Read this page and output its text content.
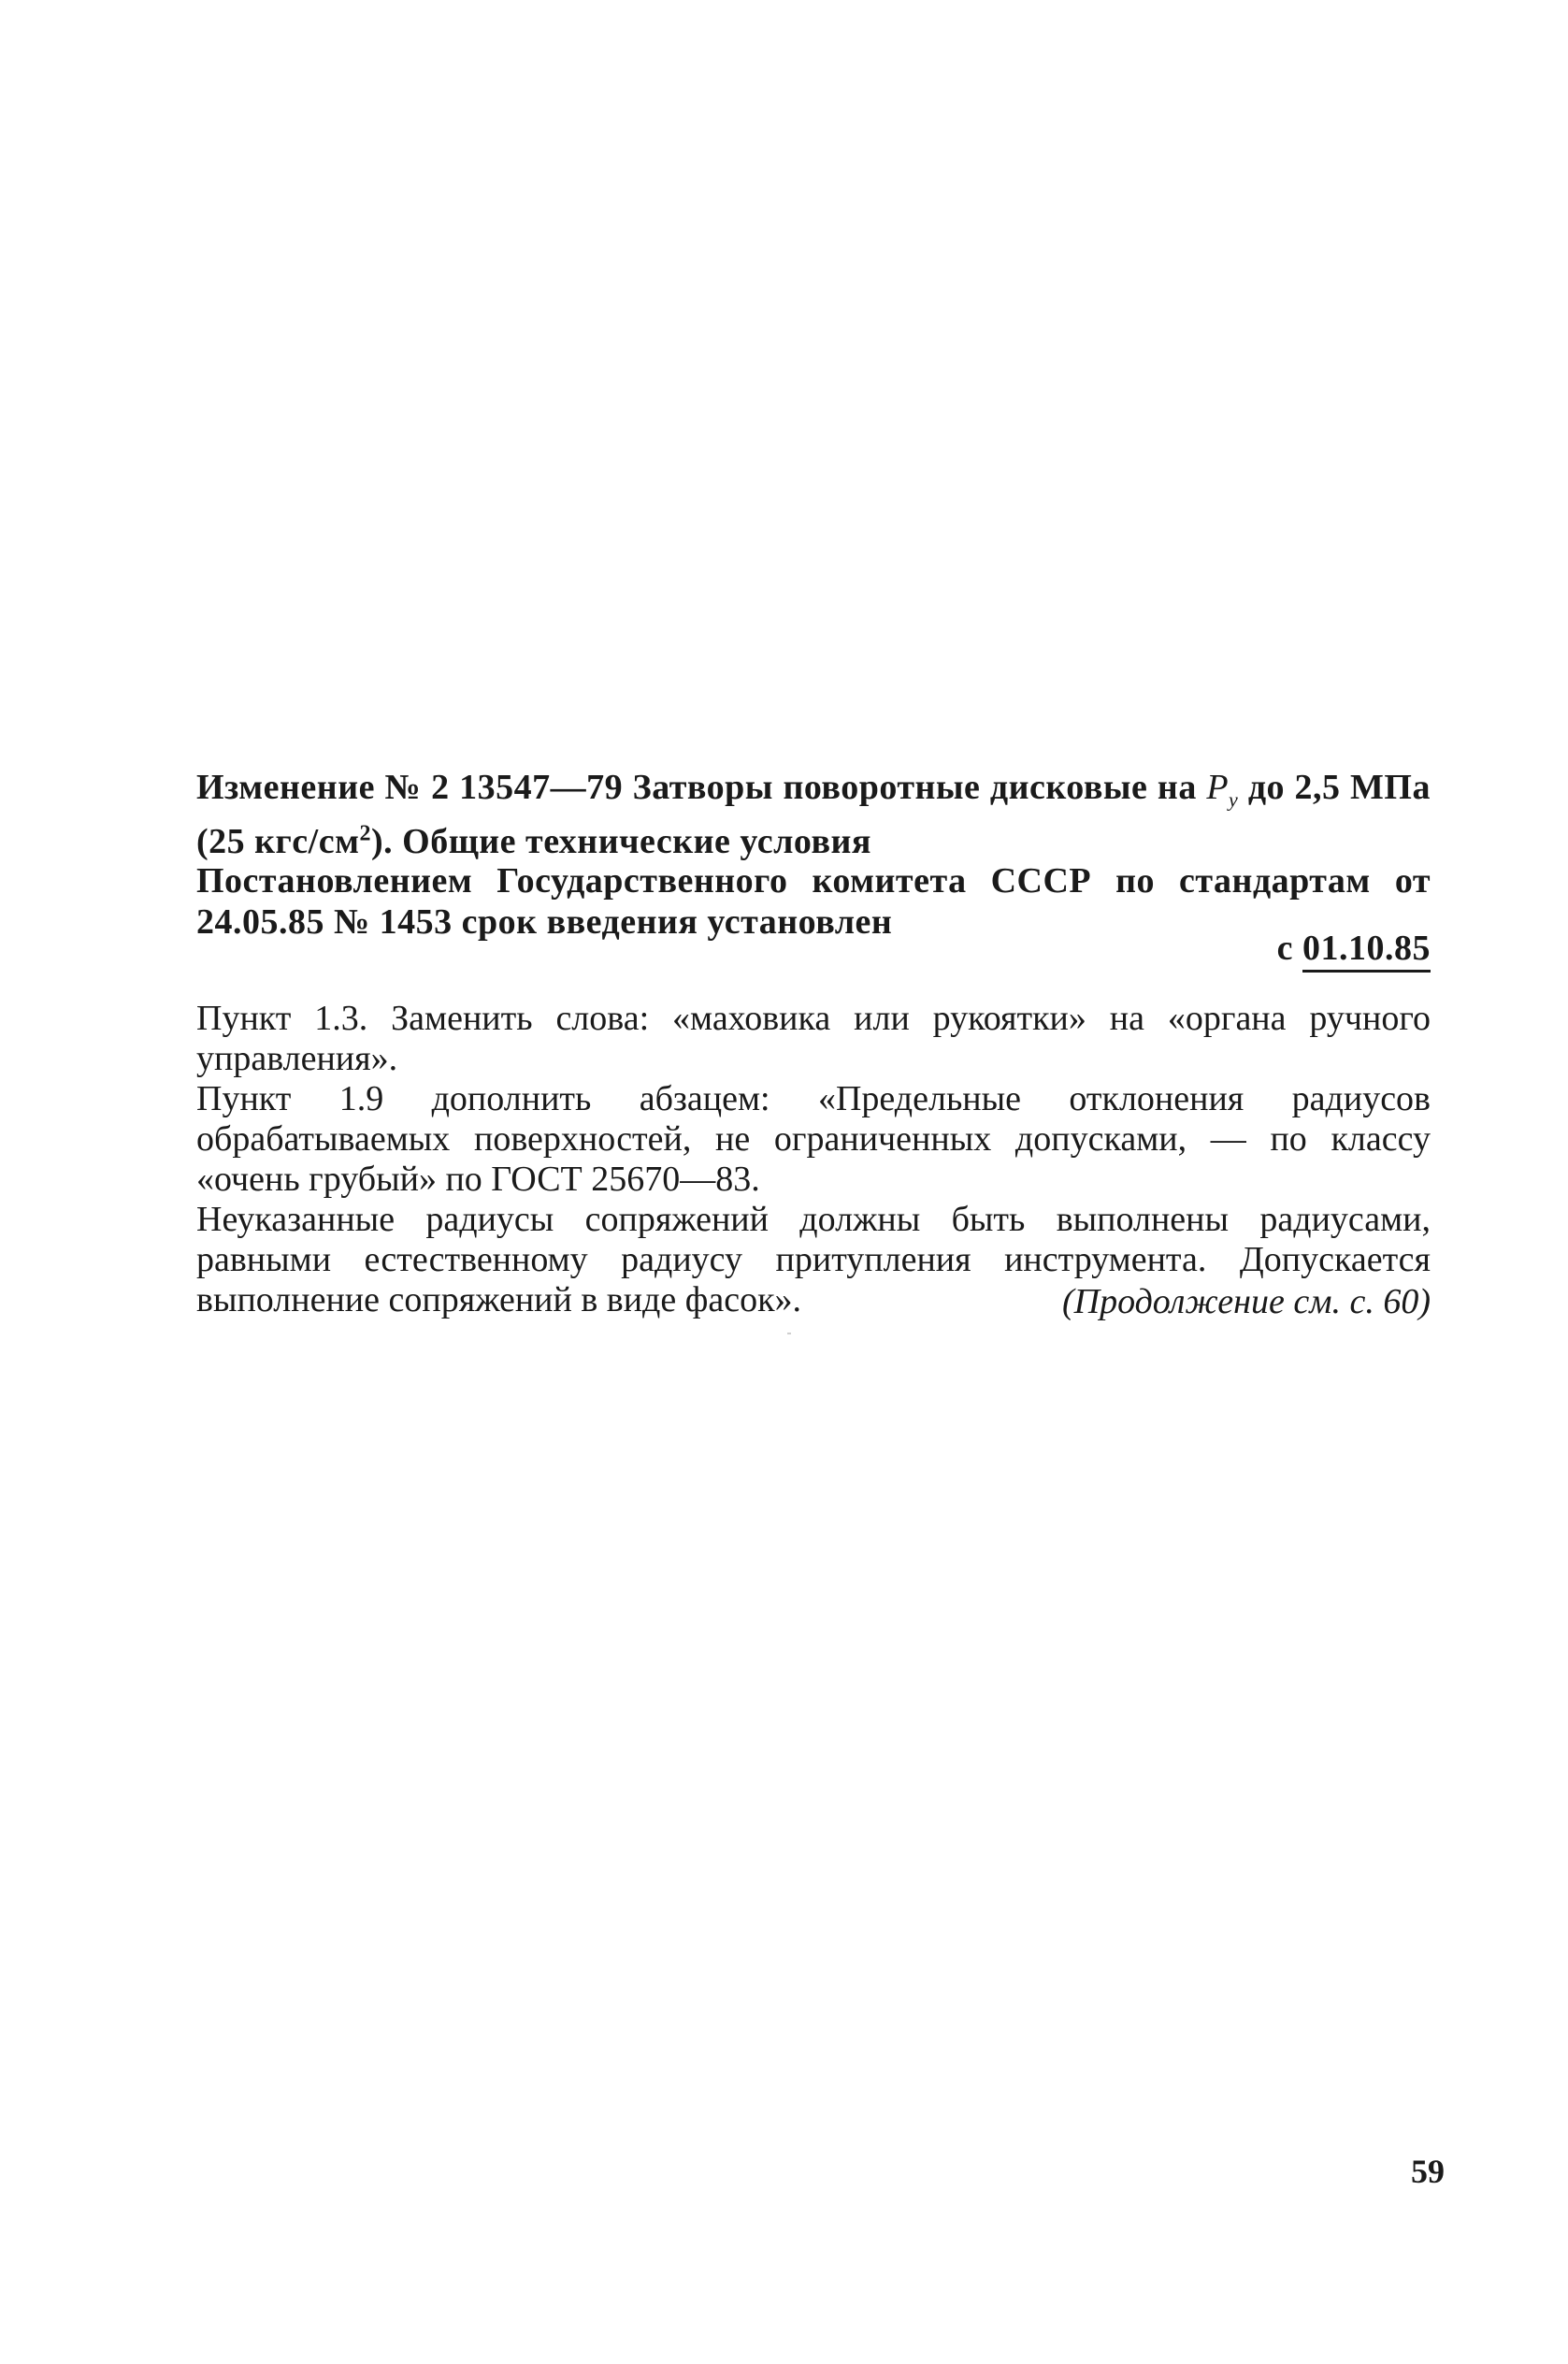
Изменение № 2 13547—79 Затворы поворотные дисковые на $P_у$ до 2,5 МПа (25 кгс/$см^2$). Общие технические условия
Постановлением Государственного комитета СССР по стандартам от 24.05.85 № 1453 срок введения установлен
с 01.10.85

Пункт 1.3. Заменить слова: «маховика или рукоятки» на «органа ручного управления».

Пункт 1.9 дополнить абзацем: «Предельные отклонения радиусов обрабатываемых поверхностей, не ограниченных допусками, — по классу «очень грубый» по ГОСТ 25670—83.

Неуказанные радиусы сопряжений должны быть выполнены радиусами, равными естественному радиусу притупления инструмента. Допускается выполнение сопряжений в виде фасок».	(Продолжение см. с. 60)
59
